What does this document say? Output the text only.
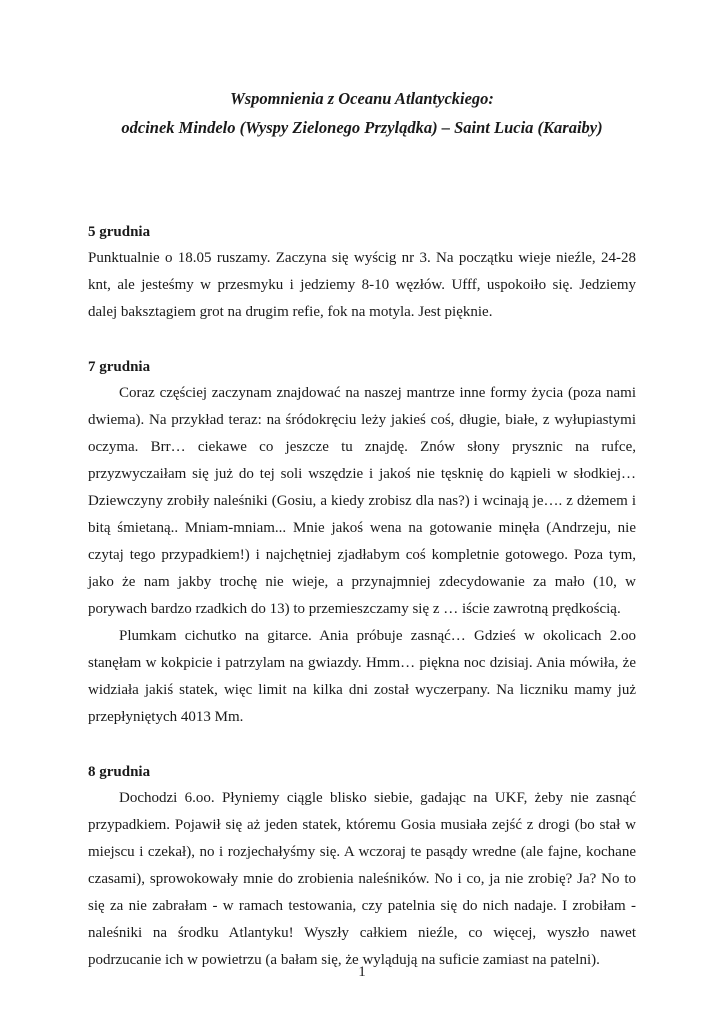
Wspomnienia z Oceanu Atlantyckiego:
odcinek Mindelo (Wyspy Zielonego Przylądka) – Saint Lucia (Karaiby)

5 grudnia

Punktualnie o 18.05 ruszamy. Zaczyna się wyścig nr 3. Na początku wieje nieźle, 24-28 knt, ale jesteśmy w przesmyku i jedziemy 8-10 węzłów. Ufff, uspokoiło się. Jedziemy dalej baksztagiem grot na drugim refie, fok na motyla. Jest pięknie.

7 grudnia

Coraz częściej zaczynam znajdować na naszej mantrze inne formy życia (poza nami dwiema). Na przykład teraz: na śródokręciu leży jakieś coś, długie, białe, z wyłupiastymi oczyma. Brr… ciekawe co jeszcze tu znajdę. Znów słony prysznic na rufce, przyzwyczaiłam się już do tej soli wszędzie i jakoś nie tęsknię do kąpieli w słodkiej… Dziewczyny zrobiły naleśniki (Gosiu, a kiedy zrobisz dla nas?) i wcinają je…. z dżemem i bitą śmietaną.. Mniam-mniam... Mnie jakoś wena na gotowanie minęła (Andrzeju, nie czytaj tego przypadkiem!) i najchętniej zjadłabym coś kompletnie gotowego. Poza tym, jako że nam jakby trochę nie wieje, a przynajmniej zdecydowanie za mało (10, w porywach bardzo rzadkich do 13) to przemieszczamy się z … iście zawrotną prędkością.

Plumkam cichutko na gitarce. Ania próbuje zasnąć… Gdzieś w okolicach 2.oo stanęłam w kokpicie i patrzylam na gwiazdy. Hmm… piękna noc dzisiaj. Ania mówiła, że widziała jakiś statek, więc limit na kilka dni został wyczerpany. Na liczniku mamy już przepłyniętych 4013 Mm.

8 grudnia

Dochodzi 6.oo. Płyniemy ciągle blisko siebie, gadając na UKF, żeby nie zasnąć przypadkiem. Pojawił się aż jeden statek, któremu Gosia musiała zejść z drogi (bo stał w miejscu i czekał), no i rozjechałyśmy się. A wczoraj te pasądy wredne (ale fajne, kochane czasami), sprowokowały mnie do zrobienia naleśników. No i co, ja nie zrobię? Ja? No to się za nie zabrałam - w ramach testowania, czy patelnia się do nich nadaje. I zrobiłam - naleśniki na środku Atlantyku! Wyszły całkiem nieźle, co więcej, wyszło nawet podrzucanie ich w powietrzu (a bałam się, że wylądują na suficie zamiast na patelni).

1
